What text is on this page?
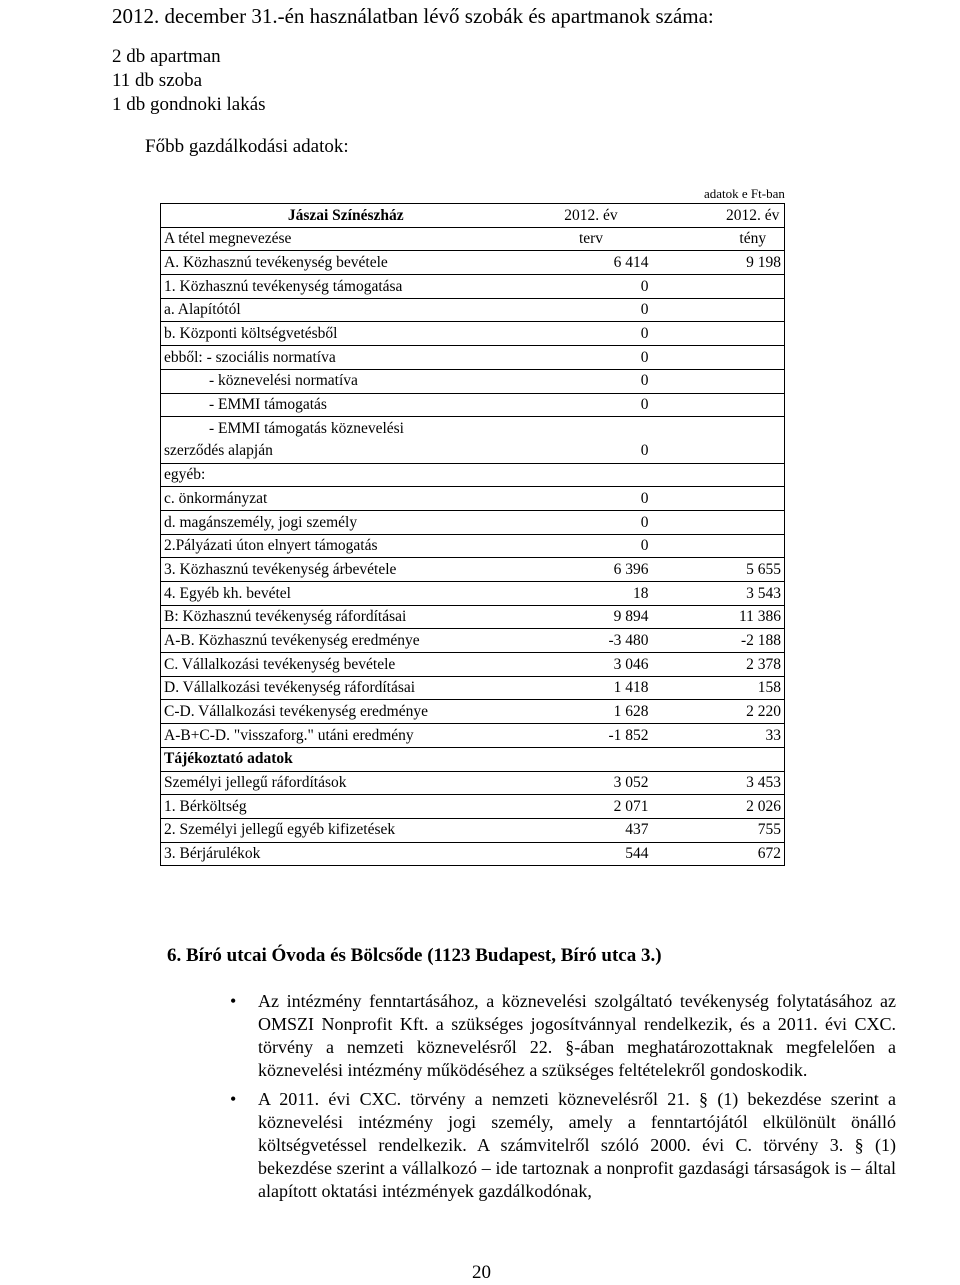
2012. december 31.-én használatban lévő szobák és apartmanok száma:
2 db apartman
11 db szoba
1 db gondnoki lakás
Főbb gazdálkodási adatok:
adatok e Ft-ban
Jászai Színészház	2012. év	2012. év
A tétel megnevezése	terv	tény
A. Közhasznú tevékenység bevétele	6 414	9 198
1. Közhasznú tevékenység támogatása	0	
a. Alapítótól	0	
b. Központi költségvetésből	0	
ebből: - szociális normatíva	0	
- köznevelési normatíva	0	
- EMMI támogatás	0	
- EMMI támogatás köznevelési		
szerződés alapján	0	
egyéb:		
c. önkormányzat	0	
d. magánszemély, jogi személy	0	
2.Pályázati úton elnyert támogatás	0	
3. Közhasznú tevékenység árbevétele	6 396	5 655
4. Egyéb kh. bevétel	18	3 543
B: Közhasznú tevékenység ráfordításai	9 894	11 386
A-B. Közhasznú tevékenység eredménye	-3 480	-2 188
C. Vállalkozási tevékenység bevétele	3 046	2 378
D. Vállalkozási tevékenység ráfordításai	1 418	158
C-D. Vállalkozási tevékenység eredménye	1 628	2 220
A-B+C-D. "visszaforg." utáni eredmény	-1 852	33
Tájékoztató adatok		
Személyi jellegű ráfordítások	3 052	3 453
1. Bérköltség	2 071	2 026
2. Személyi jellegű egyéb kifizetések	437	755
3. Bérjárulékok	544	672
6. Bíró utcai Óvoda és Bölcsőde (1123 Budapest, Bíró utca 3.)
• Az intézmény fenntartásához, a köznevelési szolgáltató tevékenység folytatásához az OMSZI Nonprofit Kft. a szükséges jogosítvánnyal rendelkezik, és a 2011. évi CXC. törvény a nemzeti köznevelésről 22. §-ában meghatározottaknak megfelelően a köznevelési intézmény működéséhez a szükséges feltételekről gondoskodik.
• A 2011. évi CXC. törvény a nemzeti köznevelésről 21. § (1) bekezdése szerint a köznevelési intézmény jogi személy, amely a fenntartójától elkülönült önálló költségvetéssel rendelkezik. A számvitelről szóló 2000. évi C. törvény 3. § (1) bekezdése szerint a vállalkozó – ide tartoznak a nonprofit gazdasági társaságok is – által alapított oktatási intézmények gazdálkodónak,
20
